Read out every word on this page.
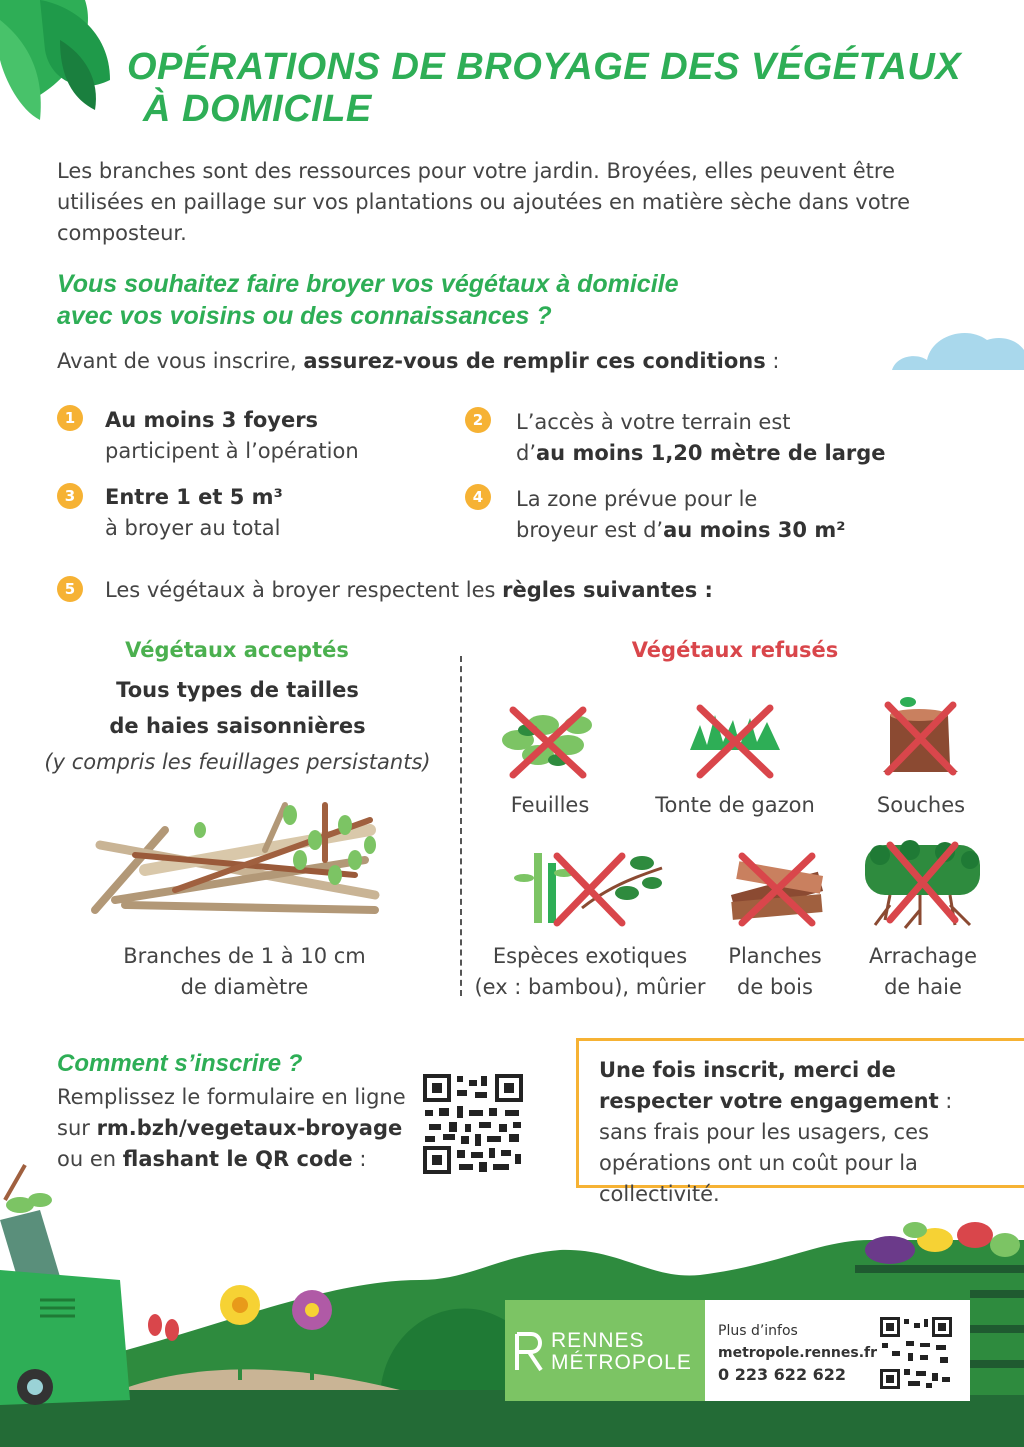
OPÉRATIONS DE BROYAGE DES VÉGÉTAUX
À DOMICILE
Les branches sont des ressources pour votre jardin. Broyées, elles peuvent être utilisées en paillage sur vos plantations ou ajoutées en matière sèche dans votre composteur.
Vous souhaitez faire broyer vos végétaux à domicile
avec vos voisins ou des connaissances ?
Avant de vous inscrire, assurez-vous de remplir ces conditions :
1	Au moins 3 foyers
participent à l’opération
2	L’accès à votre terrain est
d’au moins 1,20 mètre de large
3	Entre 1 et 5 m³
à broyer au total
4	La zone prévue pour le
broyeur est d’au moins 30 m²
5	Les végétaux à broyer respectent les règles suivantes :
Végétaux acceptés
Tous types de tailles
de haies saisonnières
(y compris les feuillages persistants)
Branches de 1 à 10 cm
de diamètre
Végétaux refusés
Feuilles	Tonte de gazon	Souches
Espèces exotiques
(ex : bambou), mûrier
Planches
de bois
Arrachage
de haie
Comment s’inscrire ?
Remplissez le formulaire en ligne
sur rm.bzh/vegetaux-broyage
ou en flashant le QR code :
Une fois inscrit, merci de respecter votre engagement : sans frais pour les usagers, ces opérations ont un coût pour la collectivité.
RENNES
MÉTROPOLE
Plus d’infos
metropole.rennes.fr
0 223 622 622
